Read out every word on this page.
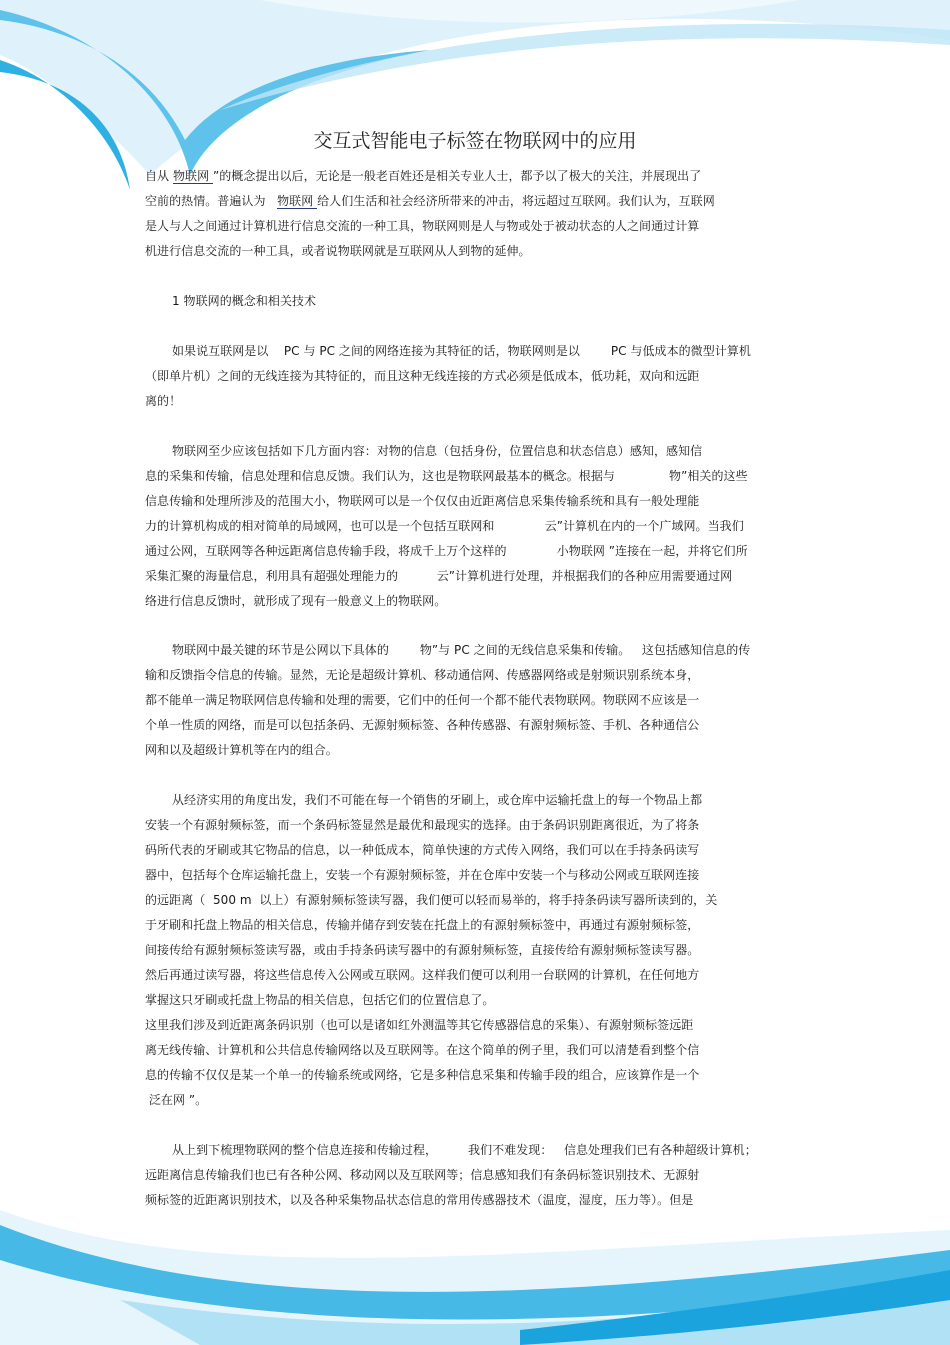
交互式智能电子标签在物联网中的应用
自从 物联网 ”的概念提出以后，无论是一般老百姓还是相关专业人士，都予以了极大的关注，并展现出了
空前的热情。普遍认为   物联网 给人们生活和社会经济所带来的冲击，将远超过互联网。我们认为，互联网
是人与人之间通过计算机进行信息交流的一种工具，物联网则是人与物或处于被动状态的人之间通过计算
机进行信息交流的一种工具，或者说物联网就是互联网从人到物的延伸。
1 物联网的概念和相关技术
如果说互联网是以    PC 与 PC 之间的网络连接为其特征的话，物联网则是以        PC 与低成本的微型计算机
（即单片机）之间的无线连接为其特征的，而且这种无线连接的方式必须是低成本，低功耗，双向和远距
离的！
物联网至少应该包括如下几方面内容：对物的信息（包括身份，位置信息和状态信息）感知，感知信
息的采集和传输，信息处理和信息反馈。我们认为，这也是物联网最基本的概念。根据与              物”相关的这些
信息传输和处理所涉及的范围大小，物联网可以是一个仅仅由近距离信息采集传输系统和具有一般处理能
力的计算机构成的相对简单的局域网，也可以是一个包括互联网和             云”计算机在内的一个广域网。当我们
通过公网，互联网等各种远距离信息传输手段，将成千上万个这样的             小物联网 ”连接在一起，并将它们所
采集汇聚的海量信息，利用具有超强处理能力的          云”计算机进行处理，并根据我们的各种应用需要通过网
络进行信息反馈时，就形成了现有一般意义上的物联网。
物联网中最关键的环节是公网以下具体的        物”与 PC 之间的无线信息采集和传输。   这包括感知信息的传
输和反馈指令信息的传输。显然，无论是超级计算机、移动通信网、传感器网络或是射频识别系统本身，
都不能单一满足物联网信息传输和处理的需要，它们中的任何一个都不能代表物联网。物联网不应该是一
个单一性质的网络，而是可以包括条码、无源射频标签、各种传感器、有源射频标签、手机、各种通信公
网和以及超级计算机等在内的组合。
从经济实用的角度出发，我们不可能在每一个销售的牙刷上，或仓库中运输托盘上的每一个物品上都
安装一个有源射频标签，而一个条码标签显然是最优和最现实的选择。由于条码识别距离很近，为了将条
码所代表的牙刷或其它物品的信息，以一种低成本，简单快速的方式传入网络，我们可以在手持条码读写
器中，包括每个仓库运输托盘上，安装一个有源射频标签，并在仓库中安装一个与移动公网或互联网连接
的远距离（  500 m  以上）有源射频标签读写器，我们便可以轻而易举的，将手持条码读写器所读到的，关
于牙刷和托盘上物品的相关信息，传输并储存到安装在托盘上的有源射频标签中，再通过有源射频标签，
间接传给有源射频标签读写器，或由手持条码读写器中的有源射频标签，直接传给有源射频标签读写器。
然后再通过读写器，将这些信息传入公网或互联网。这样我们便可以利用一台联网的计算机，在任何地方
掌握这只牙刷或托盘上物品的相关信息，包括它们的位置信息了。
这里我们涉及到近距离条码识别（也可以是诸如红外测温等其它传感器信息的采集）、有源射频标签远距
离无线传输、计算机和公共信息传输网络以及互联网等。在这个简单的例子里，我们可以清楚看到整个信
息的传输不仅仅是某一个单一的传输系统或网络，它是多种信息采集和传输手段的组合，应该算作是一个
泛在网 ”。
从上到下梳理物联网的整个信息连接和传输过程，        我们不难发现：   信息处理我们已有各种超级计算机；
远距离信息传输我们也已有各种公网、移动网以及互联网等；信息感知我们有条码标签识别技术、无源射
频标签的近距离识别技术，以及各种采集物品状态信息的常用传感器技术（温度，湿度，压力等）。但是
